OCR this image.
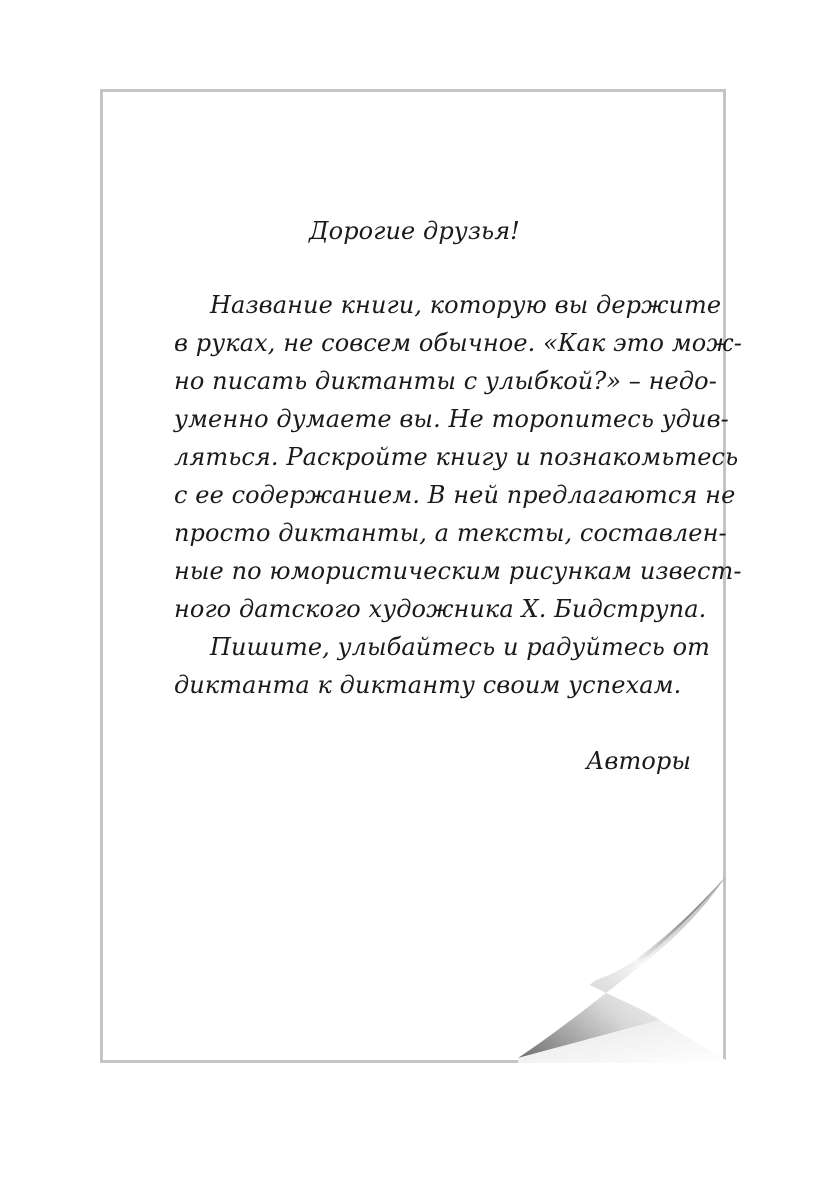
Дорогие друзья!
Название книги, которую вы держите
в руках, не совсем обычное. «Как это мож-
но писать диктанты с улыбкой?» – недо-
уменно думаете вы. Не торопитесь удив-
ляться. Раскройте книгу и познакомьтесь
с ее содержанием. В ней предлагаются не
просто диктанты, а тексты, составлен-
ные по юмористическим рисункам извест-
ного датского художника Х. Бидструпа.
Пишите, улыбайтесь и радуйтесь от
диктанта к диктанту своим успехам.
Авторы
